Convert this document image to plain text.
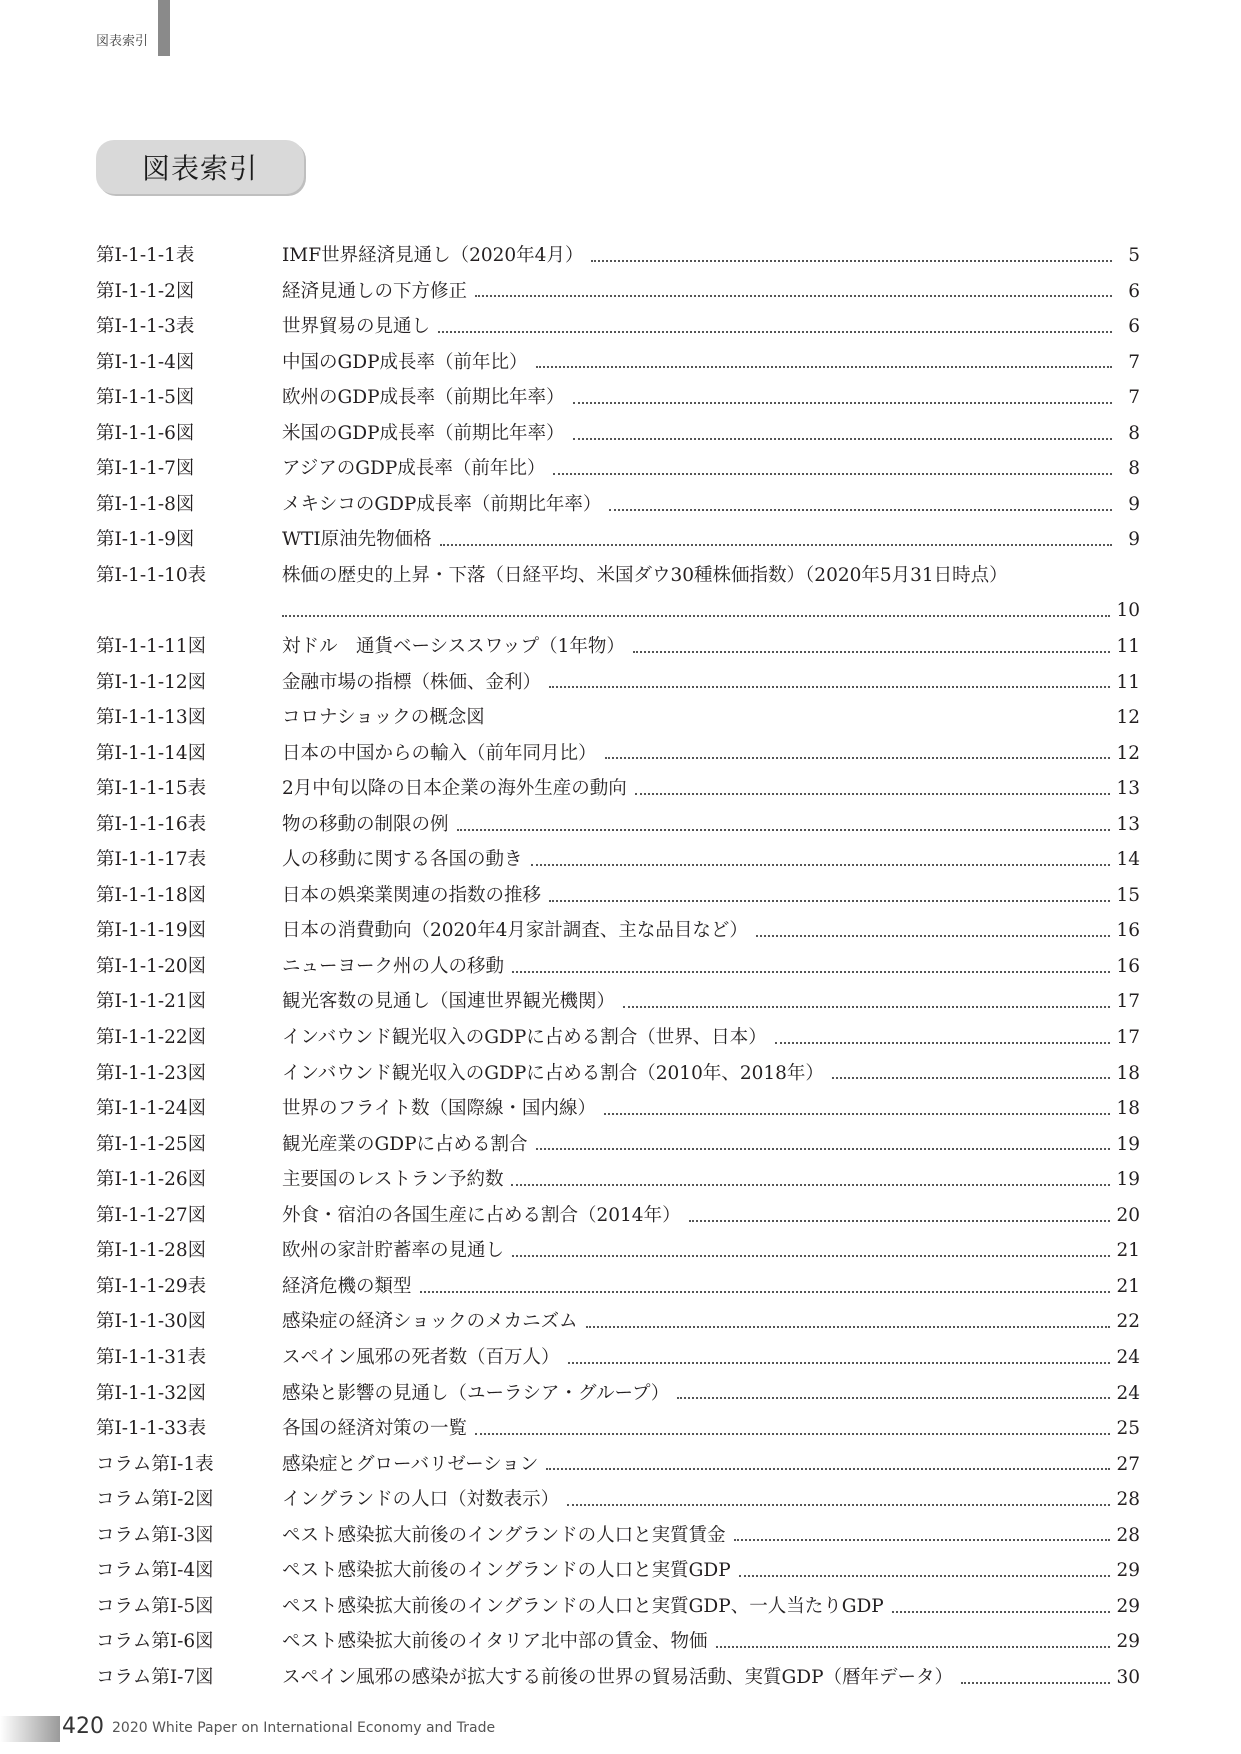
図表索引
図表索引
第Ⅰ-1-1-1表	IMF世界経済見通し（2020年4月）	5
第Ⅰ-1-1-2図	経済見通しの下方修正	6
第Ⅰ-1-1-3表	世界貿易の見通し	6
第Ⅰ-1-1-4図	中国のGDP成長率（前年比）	7
第Ⅰ-1-1-5図	欧州のGDP成長率（前期比年率）	7
第Ⅰ-1-1-6図	米国のGDP成長率（前期比年率）	8
第Ⅰ-1-1-7図	アジアのGDP成長率（前年比）	8
第Ⅰ-1-1-8図	メキシコのGDP成長率（前期比年率）	9
第Ⅰ-1-1-9図	WTI原油先物価格	9
第Ⅰ-1-1-10表	株価の歴史的上昇・下落（日経平均、米国ダウ30種株価指数）（2020年5月31日時点）
10
第Ⅰ-1-1-11図	対ドル　通貨ベーシススワップ（1年物）	11
第Ⅰ-1-1-12図	金融市場の指標（株価、金利）	11
第Ⅰ-1-1-13図	コロナショックの概念図	12
第Ⅰ-1-1-14図	日本の中国からの輸入（前年同月比）	12
第Ⅰ-1-1-15表	2月中旬以降の日本企業の海外生産の動向	13
第Ⅰ-1-1-16表	物の移動の制限の例	13
第Ⅰ-1-1-17表	人の移動に関する各国の動き	14
第Ⅰ-1-1-18図	日本の娯楽業関連の指数の推移	15
第Ⅰ-1-1-19図	日本の消費動向（2020年4月家計調査、主な品目など）	16
第Ⅰ-1-1-20図	ニューヨーク州の人の移動	16
第Ⅰ-1-1-21図	観光客数の見通し（国連世界観光機関）	17
第Ⅰ-1-1-22図	インバウンド観光収入のGDPに占める割合（世界、日本）	17
第Ⅰ-1-1-23図	インバウンド観光収入のGDPに占める割合（2010年、2018年）	18
第Ⅰ-1-1-24図	世界のフライト数（国際線・国内線）	18
第Ⅰ-1-1-25図	観光産業のGDPに占める割合	19
第Ⅰ-1-1-26図	主要国のレストラン予約数	19
第Ⅰ-1-1-27図	外食・宿泊の各国生産に占める割合（2014年）	20
第Ⅰ-1-1-28図	欧州の家計貯蓄率の見通し	21
第Ⅰ-1-1-29表	経済危機の類型	21
第Ⅰ-1-1-30図	感染症の経済ショックのメカニズム	22
第Ⅰ-1-1-31表	スペイン風邪の死者数（百万人）	24
第Ⅰ-1-1-32図	感染と影響の見通し（ユーラシア・グループ）	24
第Ⅰ-1-1-33表	各国の経済対策の一覧	25
コラム第Ⅰ-1表	感染症とグローバリゼーション	27
コラム第Ⅰ-2図	イングランドの人口（対数表示）	28
コラム第Ⅰ-3図	ペスト感染拡大前後のイングランドの人口と実質賃金	28
コラム第Ⅰ-4図	ペスト感染拡大前後のイングランドの人口と実質GDP	29
コラム第Ⅰ-5図	ペスト感染拡大前後のイングランドの人口と実質GDP、一人当たりGDP	29
コラム第Ⅰ-6図	ペスト感染拡大前後のイタリア北中部の賃金、物価	29
コラム第Ⅰ-7図	スペイン風邪の感染が拡大する前後の世界の貿易活動、実質GDP（暦年データ）	30
420 2020 White Paper on International Economy and Trade
